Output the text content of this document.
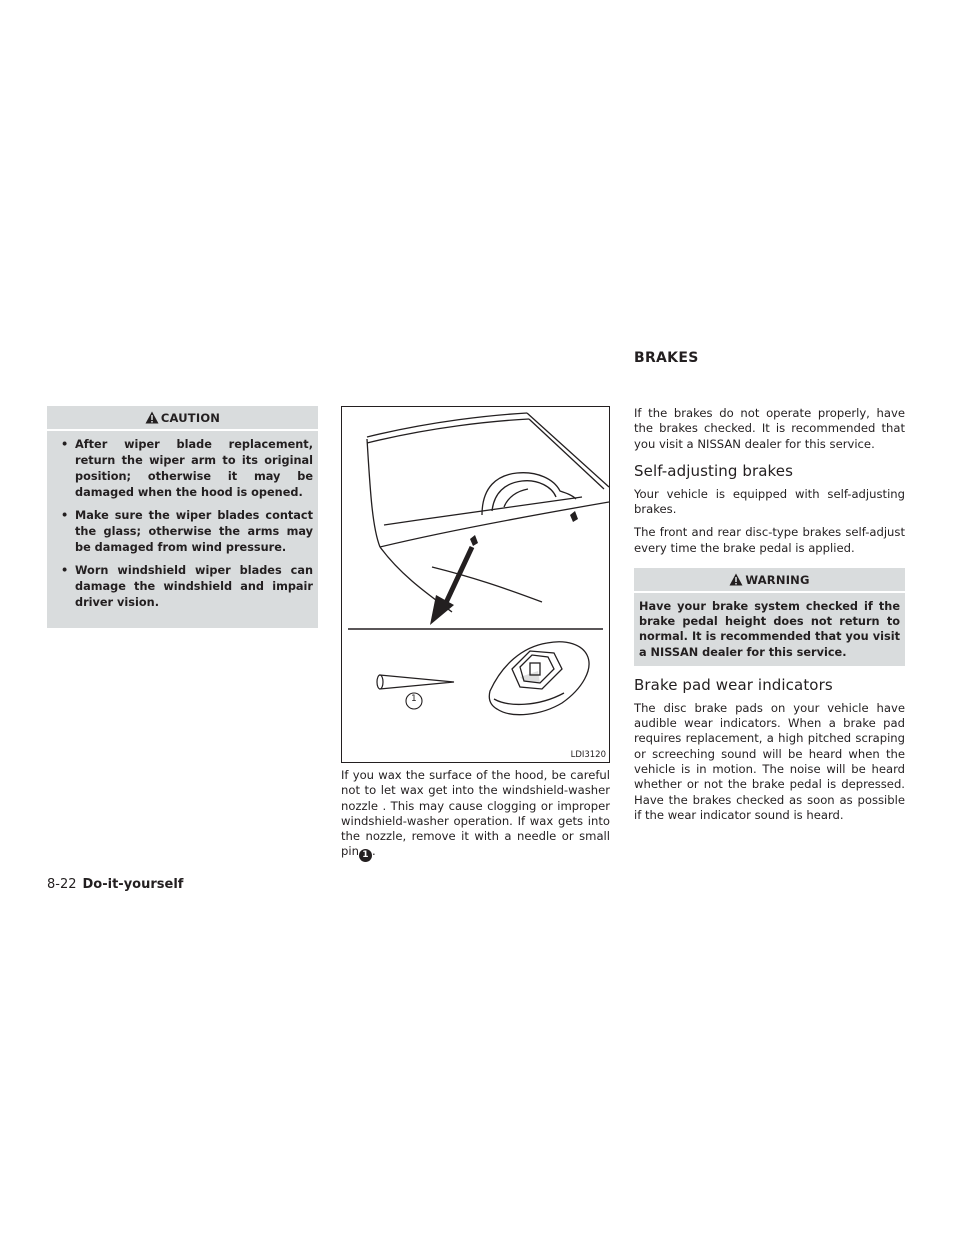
CAUTION
• After wiper blade replacement, return the wiper arm to its original position; otherwise it may be damaged when the hood is opened.
• Make sure the wiper blades contact the glass; otherwise the arms may be damaged from wind pressure.
• Worn windshield wiper blades can damage the windshield and impair driver vision.
1
LDI3120

If you wax the surface of the hood, be careful not to let wax get into the windshield-washer nozzle . This may cause clogging or improper windshield-washer operation. If wax gets into the nozzle, remove it with a needle or small pin 1 .

BRAKES

If the brakes do not operate properly, have the brakes checked. It is recommended that you visit a NISSAN dealer for this service.

Self-adjusting brakes

Your vehicle is equipped with self-adjusting brakes.

The front and rear disc-type brakes self-adjust every time the brake pedal is applied.

WARNING

Have your brake system checked if the brake pedal height does not return to normal. It is recommended that you visit a NISSAN dealer for this service.

Brake pad wear indicators

The disc brake pads on your vehicle have audible wear indicators. When a brake pad requires replacement, a high pitched scraping or screeching sound will be heard when the vehicle is in motion. The noise will be heard whether or not the brake pedal is depressed. Have the brakes checked as soon as possible if the wear indicator sound is heard.

8-22 Do-it-yourself
